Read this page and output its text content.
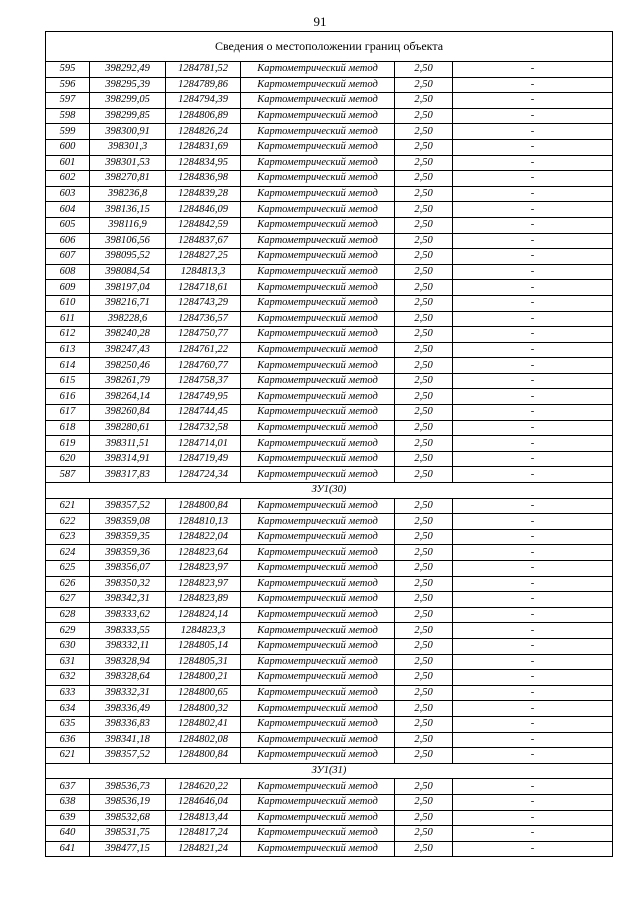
91
Сведения о местоположении границ объекта					
595	398292,49	1284781,52	Картометрический метод	2,50	-
596	398295,39	1284789,86	Картометрический метод	2,50	-
597	398299,05	1284794,39	Картометрический метод	2,50	-
598	398299,85	1284806,89	Картометрический метод	2,50	-
599	398300,91	1284826,24	Картометрический метод	2,50	-
600	398301,3	1284831,69	Картометрический метод	2,50	-
601	398301,53	1284834,95	Картометрический метод	2,50	-
602	398270,81	1284836,98	Картометрический метод	2,50	-
603	398236,8	1284839,28	Картометрический метод	2,50	-
604	398136,15	1284846,09	Картометрический метод	2,50	-
605	398116,9	1284842,59	Картометрический метод	2,50	-
606	398106,56	1284837,67	Картометрический метод	2,50	-
607	398095,52	1284827,25	Картометрический метод	2,50	-
608	398084,54	1284813,3	Картометрический метод	2,50	-
609	398197,04	1284718,61	Картометрический метод	2,50	-
610	398216,71	1284743,29	Картометрический метод	2,50	-
611	398228,6	1284736,57	Картометрический метод	2,50	-
612	398240,28	1284750,77	Картометрический метод	2,50	-
613	398247,43	1284761,22	Картометрический метод	2,50	-
614	398250,46	1284760,77	Картометрический метод	2,50	-
615	398261,79	1284758,37	Картометрический метод	2,50	-
616	398264,14	1284749,95	Картометрический метод	2,50	-
617	398260,84	1284744,45	Картометрический метод	2,50	-
618	398280,61	1284732,58	Картометрический метод	2,50	-
619	398311,51	1284714,01	Картометрический метод	2,50	-
620	398314,91	1284719,49	Картометрический метод	2,50	-
587	398317,83	1284724,34	Картометрический метод	2,50	-
ЗУ1(30)					
621	398357,52	1284800,84	Картометрический метод	2,50	-
622	398359,08	1284810,13	Картометрический метод	2,50	-
623	398359,35	1284822,04	Картометрический метод	2,50	-
624	398359,36	1284823,64	Картометрический метод	2,50	-
625	398356,07	1284823,97	Картометрический метод	2,50	-
626	398350,32	1284823,97	Картометрический метод	2,50	-
627	398342,31	1284823,89	Картометрический метод	2,50	-
628	398333,62	1284824,14	Картометрический метод	2,50	-
629	398333,55	1284823,3	Картометрический метод	2,50	-
630	398332,11	1284805,14	Картометрический метод	2,50	-
631	398328,94	1284805,31	Картометрический метод	2,50	-
632	398328,64	1284800,21	Картометрический метод	2,50	-
633	398332,31	1284800,65	Картометрический метод	2,50	-
634	398336,49	1284800,32	Картометрический метод	2,50	-
635	398336,83	1284802,41	Картометрический метод	2,50	-
636	398341,18	1284802,08	Картометрический метод	2,50	-
621	398357,52	1284800,84	Картометрический метод	2,50	-
ЗУ1(31)					
637	398536,73	1284620,22	Картометрический метод	2,50	-
638	398536,19	1284646,04	Картометрический метод	2,50	-
639	398532,68	1284813,44	Картометрический метод	2,50	-
640	398531,75	1284817,24	Картометрический метод	2,50	-
641	398477,15	1284821,24	Картометрический метод	2,50	-
